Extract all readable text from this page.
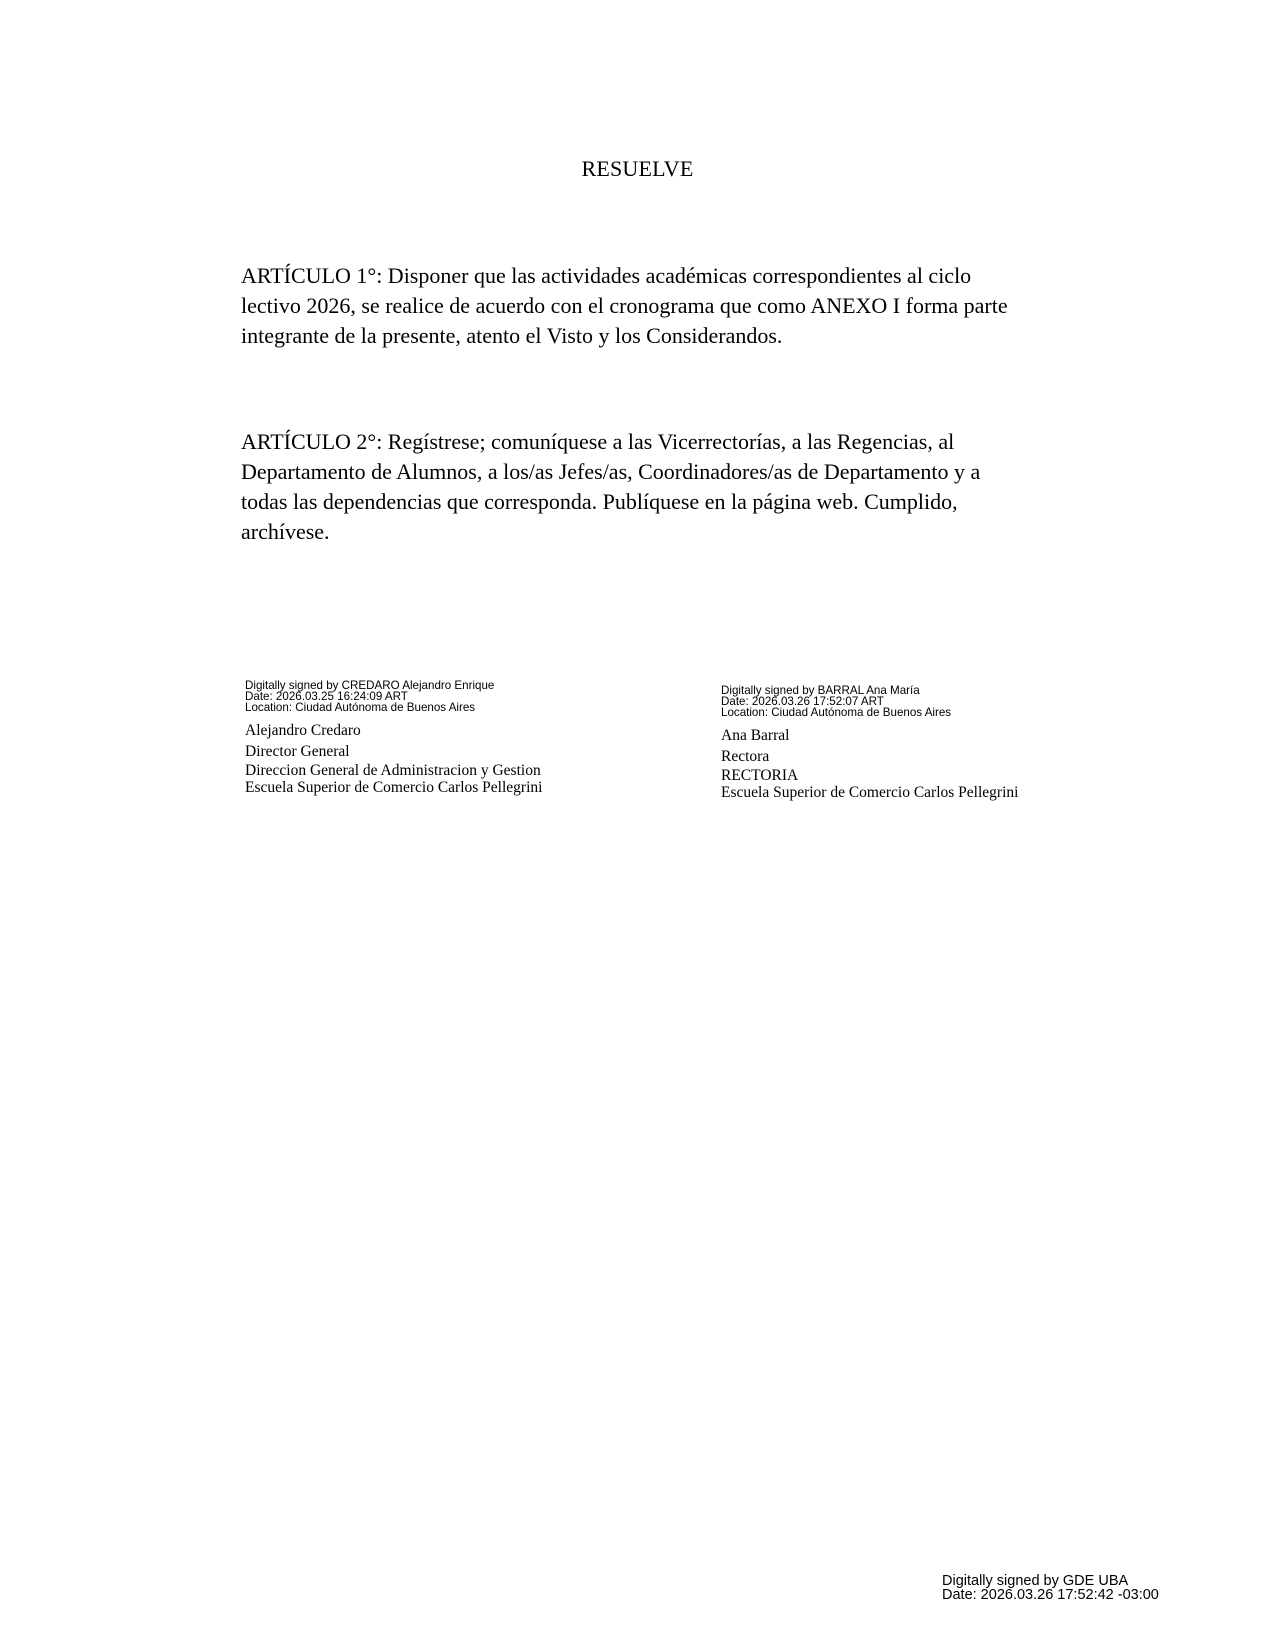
RESUELVE
ARTÍCULO 1°: Disponer que las actividades académicas correspondientes al ciclo
lectivo 2026, se realice de acuerdo con el cronograma que como ANEXO I forma parte
integrante de la presente, atento el Visto y los Considerandos.
ARTÍCULO 2°: Regístrese; comuníquese a las Vicerrectorías, a las Regencias, al
Departamento de Alumnos, a los/as Jefes/as, Coordinadores/as de Departamento y a
todas las dependencias que corresponda. Publíquese en la página web. Cumplido,
archívese.
Digitally signed by CREDARO Alejandro Enrique
Date: 2026.03.25 16:24:09 ART
Location: Ciudad Autónoma de Buenos Aires
Alejandro Credaro
Director General
Direccion General de Administracion y Gestion
Escuela Superior de Comercio Carlos Pellegrini
Digitally signed by BARRAL Ana María
Date: 2026.03.26 17:52:07 ART
Location: Ciudad Autónoma de Buenos Aires
Ana Barral
Rectora
RECTORIA
Escuela Superior de Comercio Carlos Pellegrini
Digitally signed by GDE UBA
Date: 2026.03.26 17:52:42 -03:00
